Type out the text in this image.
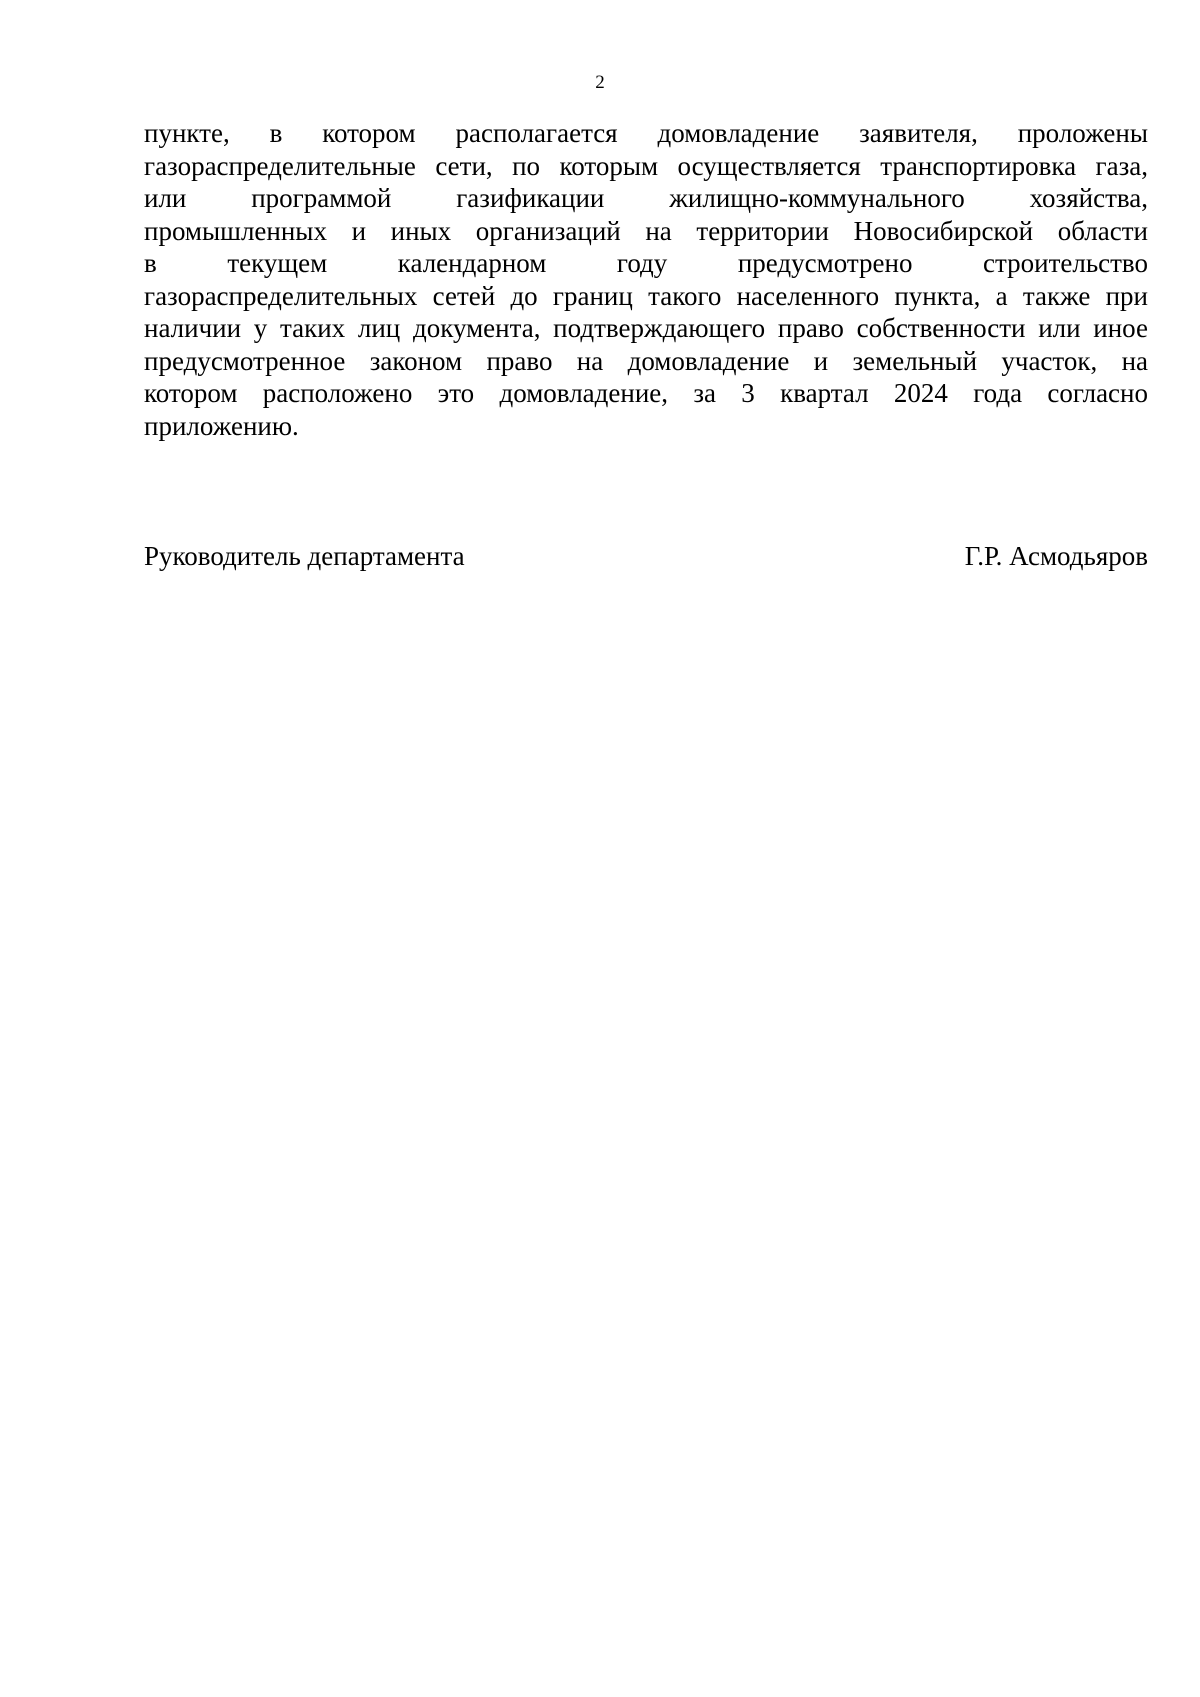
2
пункте, в котором располагается домовладение заявителя, проложены
газораспределительные сети, по которым осуществляется транспортировка газа,
или программой газификации жилищно-коммунального хозяйства,
промышленных и иных организаций на территории Новосибирской области
в текущем календарном году предусмотрено строительство
газораспределительных сетей до границ такого населенного пункта, а также при
наличии у таких лиц документа, подтверждающего право собственности или иное
предусмотренное законом право на домовладение и земельный участок, на
котором расположено это домовладение, за 3 квартал 2024 года согласно
приложению.
Руководитель департамента	Г.Р. Асмодьяров
